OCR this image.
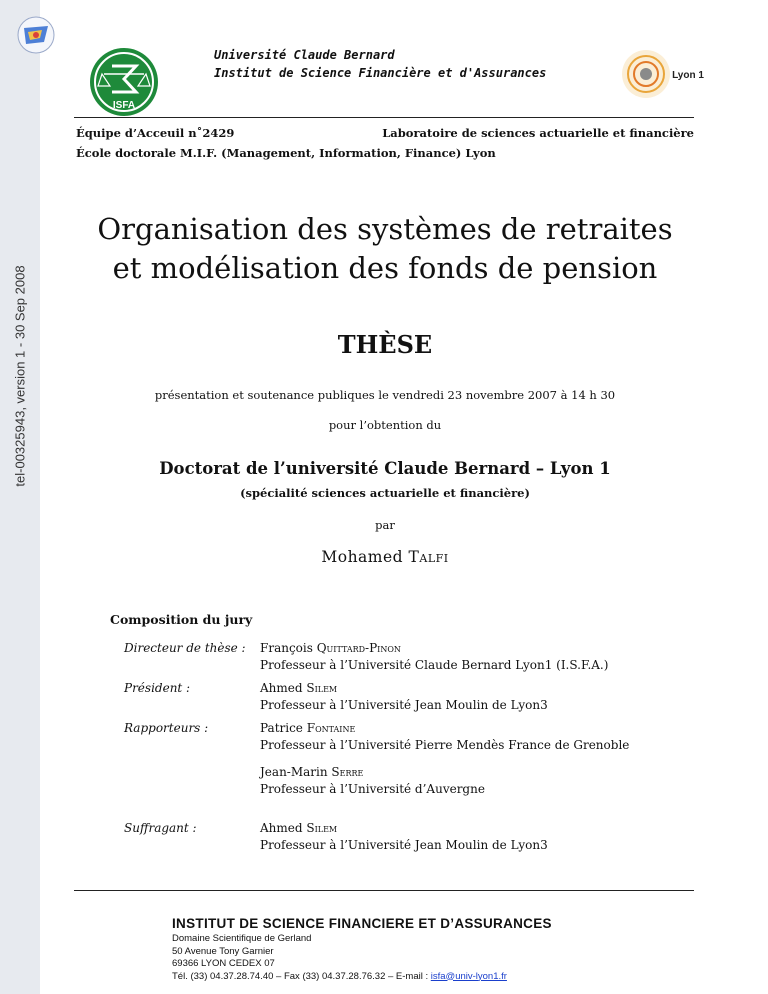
tel-00325943, version 1 - 30 Sep 2008
ISFA
Université Claude Bernard
Institut de Science Financière et d'Assurances	Lyon 1
Équipe d’Acceuil n˚2429	Laboratoire de sciences actuarielle et financière
École doctorale M.I.F. (Management, Information, Finance) Lyon
Organisation des systèmes de retraites
et modélisation des fonds de pension
THÈSE
présentation et soutenance publiques le vendredi 23 novembre 2007 à 14 h 30
pour l’obtention du
Doctorat de l’université Claude Bernard – Lyon 1
(spécialité sciences actuarielle et financière)
par
Mohamed Talfi
Composition du jury
Directeur de thèse : François Quittard-Pinon
Professeur à l’Université Claude Bernard Lyon1 (I.S.F.A.)
Président :	Ahmed Silem
Professeur à l’Université Jean Moulin de Lyon3
Rapporteurs :	Patrice Fontaine
Professeur à l’Université Pierre Mendès France de Grenoble
Jean-Marin Serre
Professeur à l’Université d’Auvergne
Suffragant :	Ahmed Silem
Professeur à l’Université Jean Moulin de Lyon3
INSTITUT DE SCIENCE FINANCIERE ET D’ASSURANCES
Domaine Scientifique de Gerland
50 Avenue Tony Garnier
69366 LYON CEDEX 07
Tél. (33) 04.37.28.74.40 – Fax (33) 04.37.28.76.32 – E-mail : isfa@univ-lyon1.fr
